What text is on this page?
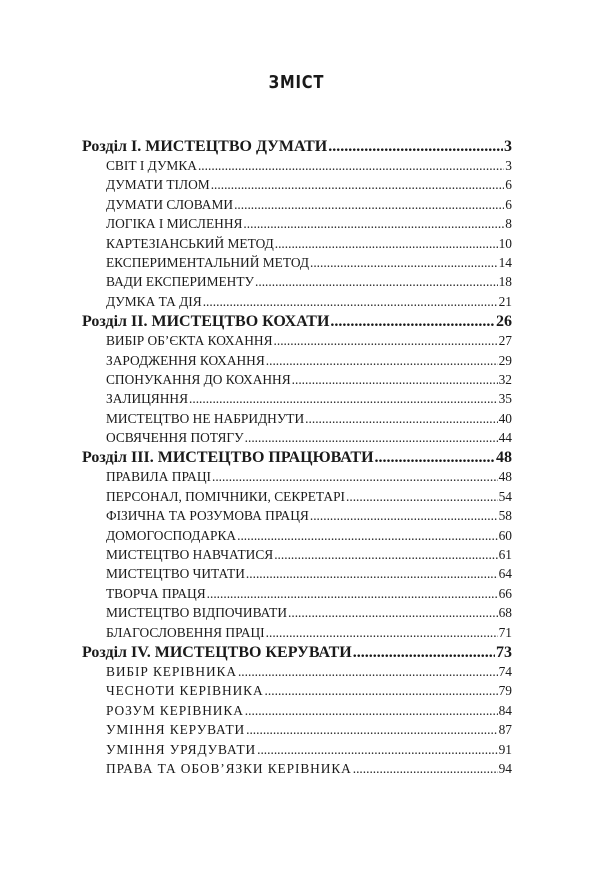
ЗМІСТ
Розділ І. МИСТЕЦТВО ДУМАТИ .....	3
СВІТ І ДУМКА .....	3
ДУМАТИ ТІЛОМ .....	6
ДУМАТИ СЛОВАМИ .....	6
ЛОГІКА І МИСЛЕННЯ .....	8
КАРТЕЗІАНСЬКИЙ МЕТОД .....	10
ЕКСПЕРИМЕНТАЛЬНИЙ МЕТОД .....	14
ВАДИ ЕКСПЕРИМЕНТУ .....	18
ДУМКА ТА ДІЯ .....	21
Розділ ІІ. МИСТЕЦТВО КОХАТИ .....	26
ВИБІР ОБ’ЄКТА КОХАННЯ .....	27
ЗАРОДЖЕННЯ КОХАННЯ .....	29
СПОНУКАННЯ ДО КОХАННЯ .....	32
ЗАЛИЦЯННЯ .....	35
МИСТЕЦТВО НЕ НАБРИДНУТИ .....	40
ОСВЯЧЕННЯ ПОТЯГУ .....	44
Розділ ІІІ. МИСТЕЦТВО ПРАЦЮВАТИ .....	48
ПРАВИЛА ПРАЦІ .....	48
ПЕРСОНАЛ, ПОМІЧНИКИ, СЕКРЕТАРІ .....	54
ФІЗИЧНА ТА РОЗУМОВА ПРАЦЯ .....	58
ДОМОГОСПОДАРКА .....	60
МИСТЕЦТВО НАВЧАТИСЯ .....	61
МИСТЕЦТВО ЧИТАТИ .....	64
ТВОРЧА ПРАЦЯ .....	66
МИСТЕЦТВО ВІДПОЧИВАТИ .....	68
БЛАГОСЛОВЕННЯ ПРАЦІ .....	71
Розділ IV. МИСТЕЦТВО КЕРУВАТИ .....	73
ВИБІР КЕРІВНИКА .....	74
ЧЕСНОТИ КЕРІВНИКА .....	79
РОЗУМ КЕРІВНИКА .....	84
УМІННЯ КЕРУВАТИ .....	87
УМІННЯ УРЯДУВАТИ .....	91
ПРАВА ТА ОБОВ’ЯЗКИ КЕРІВНИКА .....	94
